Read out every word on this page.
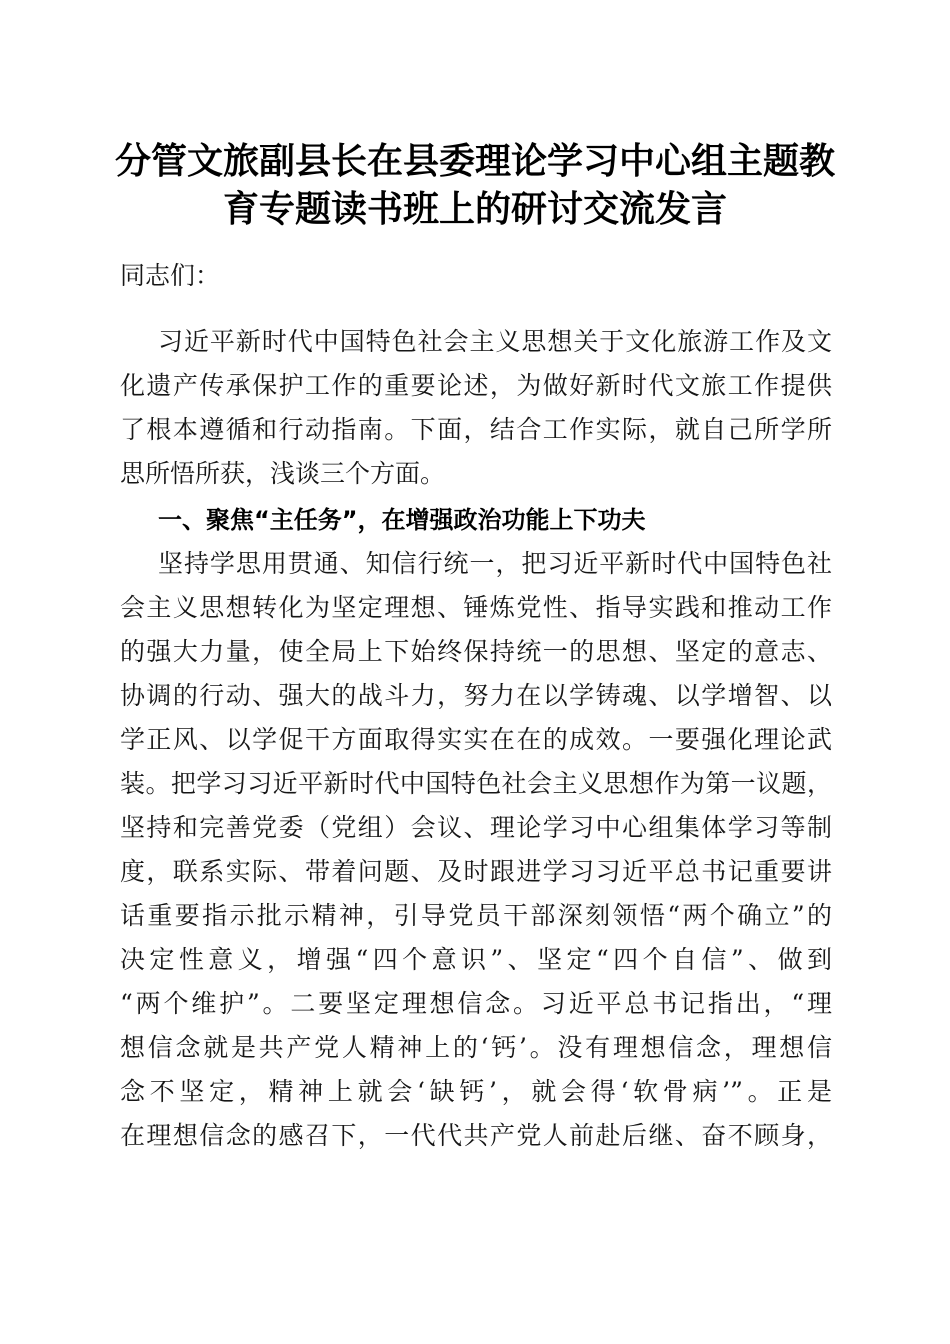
分管文旅副县长在县委理论学习中心组主题教
育专题读书班上的研讨交流发言
同志们：
习近平新时代中国特色社会主义思想关于文化旅游工作及文
化遗产传承保护工作的重要论述，为做好新时代文旅工作提供
了根本遵循和行动指南。下面，结合工作实际，就自己所学所
思所悟所获，浅谈三个方面。
一、聚焦“主任务”，在增强政治功能上下功夫
坚持学思用贯通、知信行统一，把习近平新时代中国特色社
会主义思想转化为坚定理想、锤炼党性、指导实践和推动工作
的强大力量，使全局上下始终保持统一的思想、坚定的意志、
协调的行动、强大的战斗力，努力在以学铸魂、以学增智、以
学正风、以学促干方面取得实实在在的成效。一要强化理论武
装。把学习习近平新时代中国特色社会主义思想作为第一议题，
坚持和完善党委（党组）会议、理论学习中心组集体学习等制
度，联系实际、带着问题、及时跟进学习习近平总书记重要讲
话重要指示批示精神，引导党员干部深刻领悟“两个确立”的
决定性意义，增强“四个意识”、坚定“四个自信”、做到
“两个维护”。二要坚定理想信念。习近平总书记指出，“理
想信念就是共产党人精神上的‘钙’。没有理想信念，理想信
念不坚定，精神上就会‘缺钙’，就会得‘软骨病’”。正是
在理想信念的感召下，一代代共产党人前赴后继、奋不顾身，
